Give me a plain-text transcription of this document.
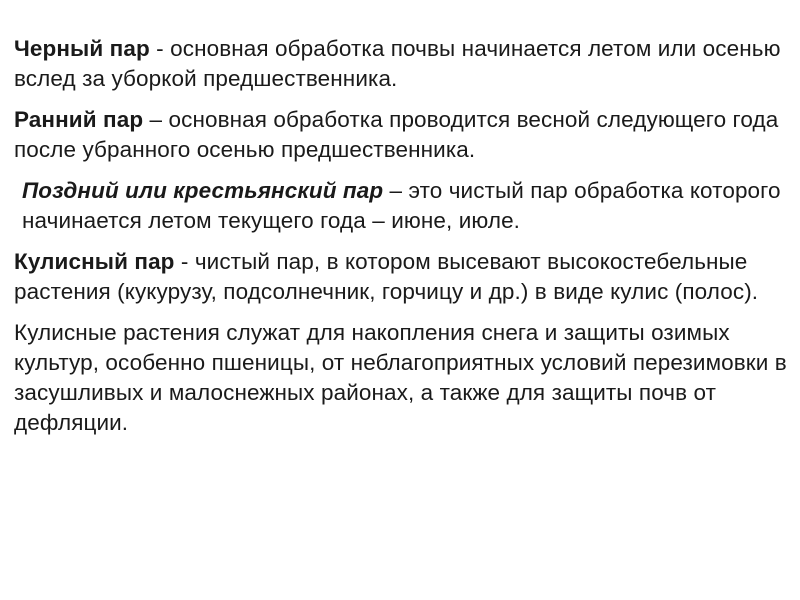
Черный пар - основная обработка почвы начинается летом или осенью вслед за уборкой предшественника.

Ранний пар – основная обработка проводится весной следующего года после убранного осенью предшественника.

Поздний или крестьянский пар – это чистый пар обработка которого начинается летом текущего года – июне, июле.

Кулисный пар - чистый пар, в котором высевают высокостебельные растения (кукурузу, подсолнечник, горчицу и др.) в виде кулис (полос).

Кулисные растения служат для накопления снега и защиты озимых культур, особенно пшеницы, от неблагоприятных условий перезимовки в засушливых и малоснежных районах, а также для защиты почв от дефляции.
